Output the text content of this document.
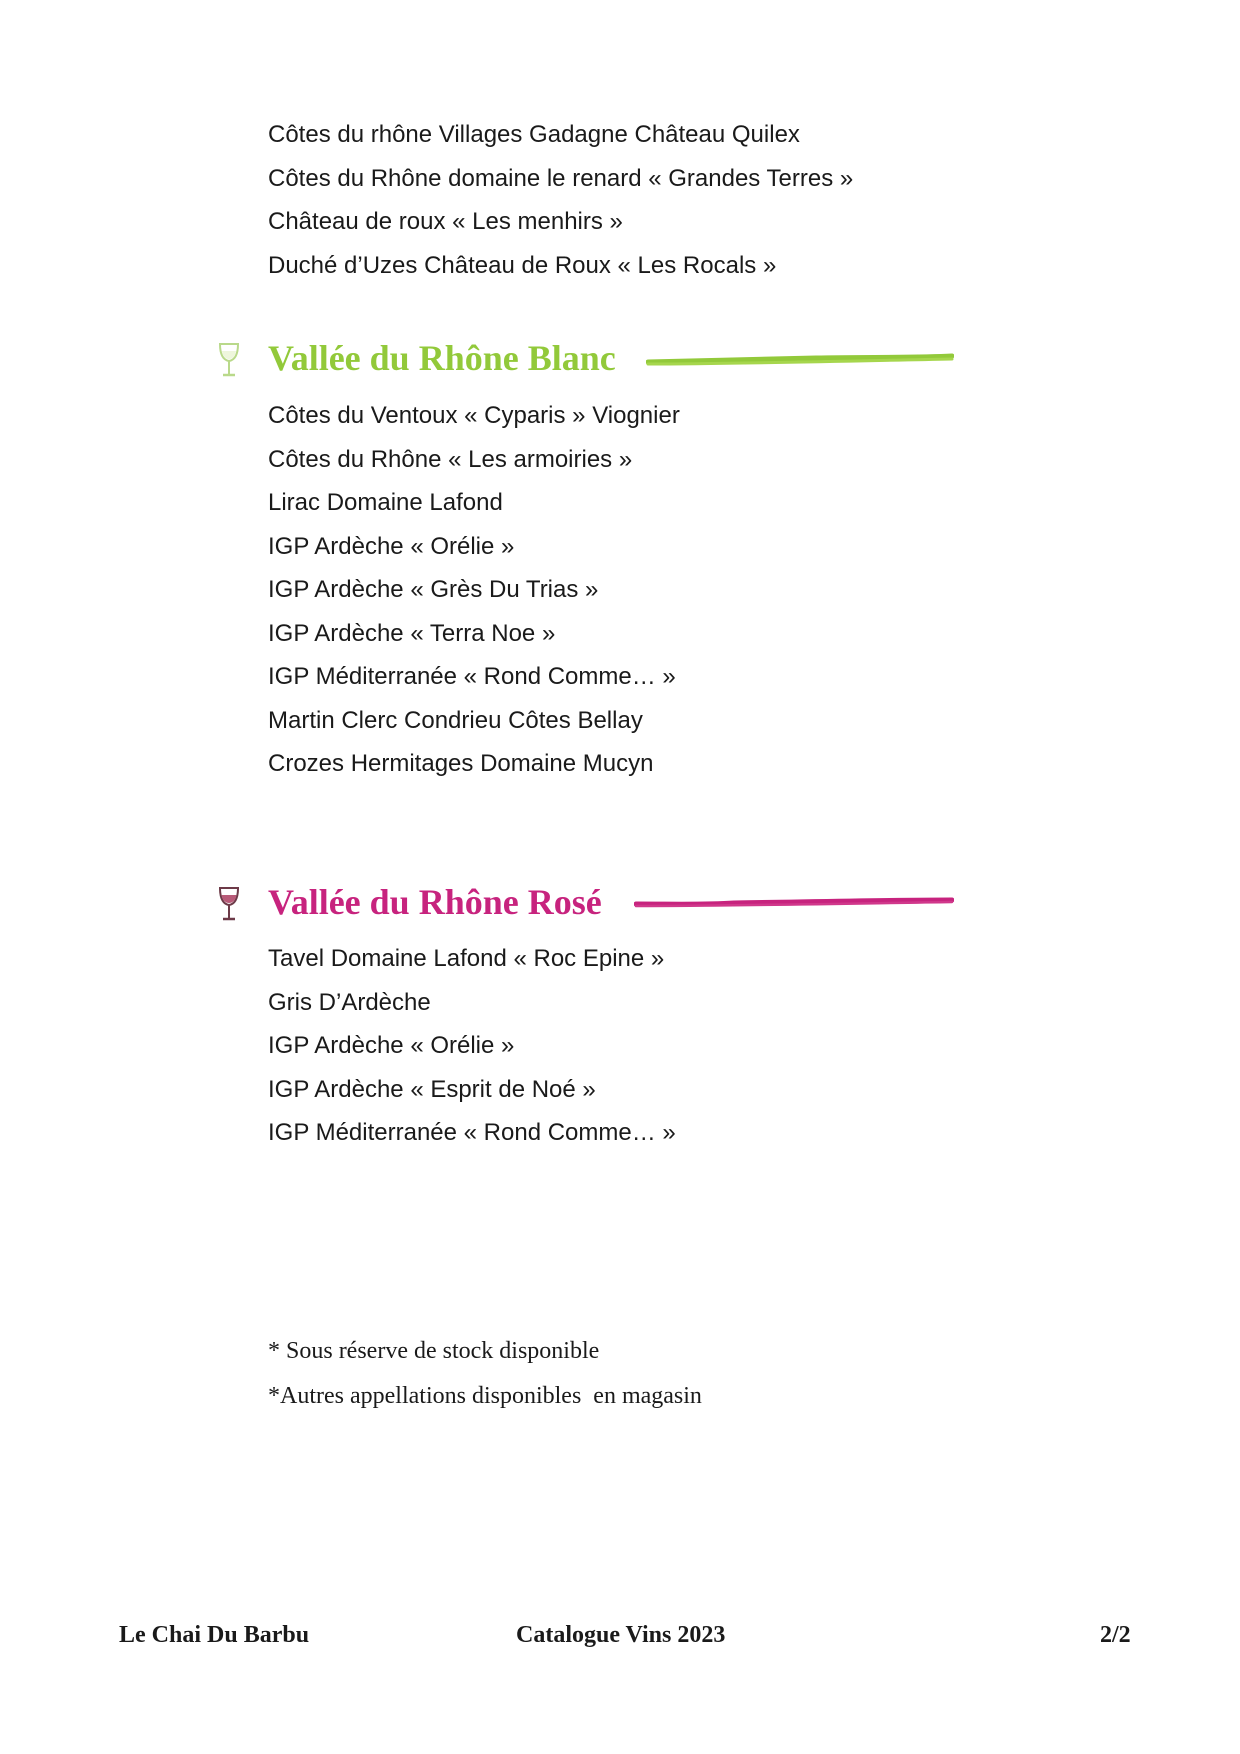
Côtes du rhône Villages Gadagne Château Quilex
Côtes du Rhône domaine le renard « Grandes Terres »
Château de roux « Les menhirs »
Duché d’Uzes Château de Roux « Les Rocals »
Vallée du Rhône Blanc
Côtes du Ventoux « Cyparis » Viognier
Côtes du Rhône « Les armoiries »
Lirac Domaine Lafond
IGP Ardèche « Orélie »
IGP Ardèche « Grès Du Trias »
IGP Ardèche « Terra Noe »
IGP Méditerranée « Rond Comme… »
Martin Clerc Condrieu Côtes Bellay
Crozes Hermitages Domaine Mucyn
Vallée du Rhône Rosé
Tavel Domaine Lafond « Roc Epine »
Gris D’Ardèche
IGP Ardèche « Orélie »
IGP Ardèche « Esprit de Noé »
IGP Méditerranée « Rond Comme… »
* Sous réserve de stock disponible
*Autres appellations disponibles  en magasin
Le Chai Du Barbu	Catalogue Vins 2023	2/2
